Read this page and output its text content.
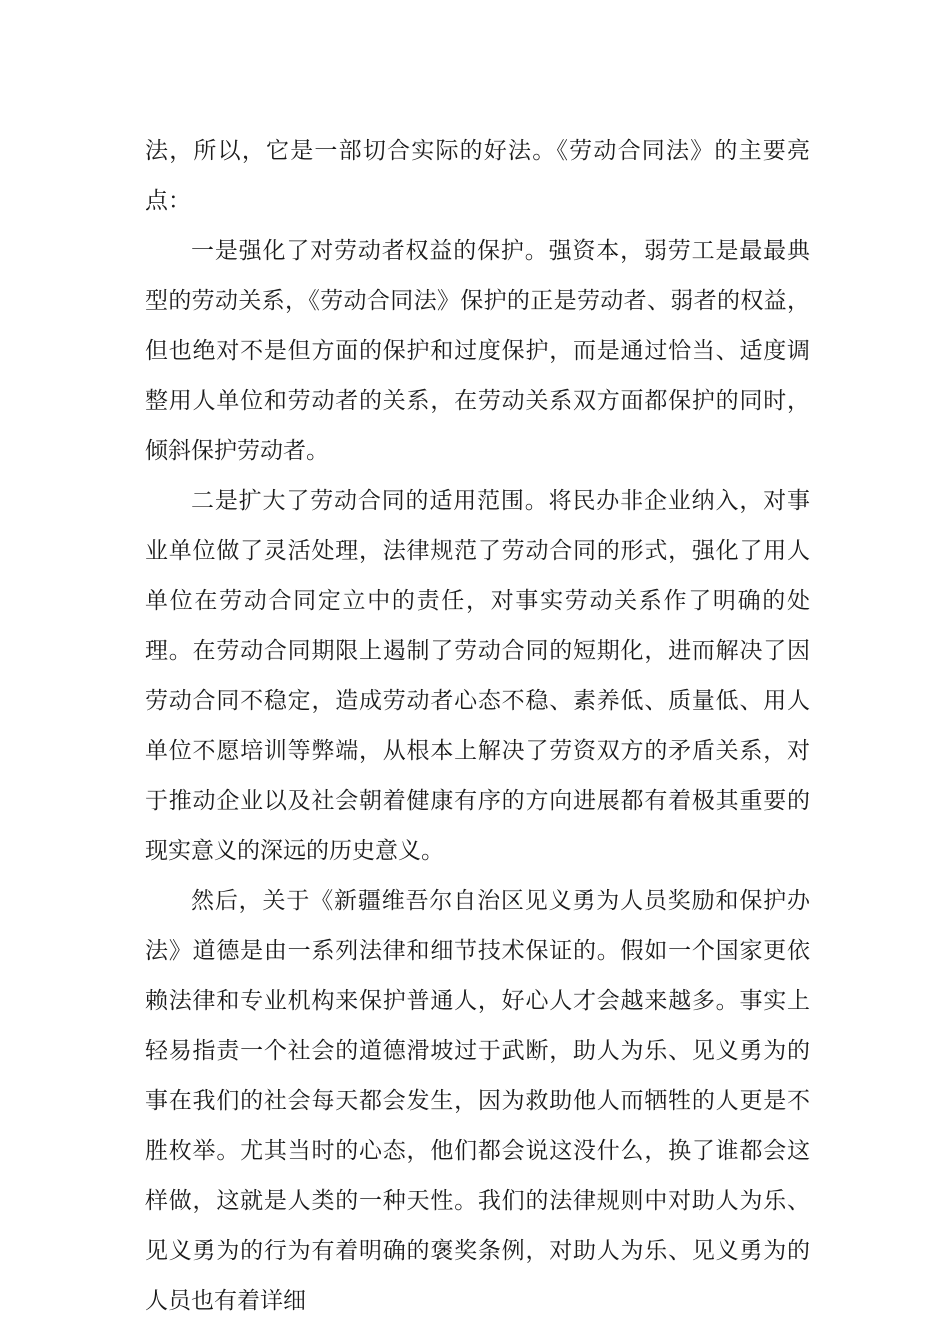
法，所以，它是一部切合实际的好法。《劳动合同法》的主要亮点：

一是强化了对劳动者权益的保护。强资本，弱劳工是最最典型的劳动关系，《劳动合同法》保护的正是劳动者、弱者的权益，但也绝对不是但方面的保护和过度保护，而是通过恰当、适度调整用人单位和劳动者的关系，在劳动关系双方面都保护的同时，倾斜保护劳动者。

二是扩大了劳动合同的适用范围。将民办非企业纳入，对事业单位做了灵活处理，法律规范了劳动合同的形式，强化了用人单位在劳动合同定立中的责任，对事实劳动关系作了明确的处理。在劳动合同期限上遏制了劳动合同的短期化，进而解决了因劳动合同不稳定，造成劳动者心态不稳、素养低、质量低、用人单位不愿培训等弊端，从根本上解决了劳资双方的矛盾关系，对于推动企业以及社会朝着健康有序的方向进展都有着极其重要的现实意义的深远的历史意义。

然后，关于《新疆维吾尔自治区见义勇为人员奖励和保护办法》道德是由一系列法律和细节技术保证的。假如一个国家更依赖法律和专业机构来保护普通人，好心人才会越来越多。事实上轻易指责一个社会的道德滑坡过于武断，助人为乐、见义勇为的事在我们的社会每天都会发生，因为救助他人而牺牲的人更是不胜枚举。尤其当时的心态，他们都会说这没什么，换了谁都会这样做，这就是人类的一种天性。我们的法律规则中对助人为乐、见义勇为的行为有着明确的褒奖条例，对助人为乐、见义勇为的人员也有着详细
